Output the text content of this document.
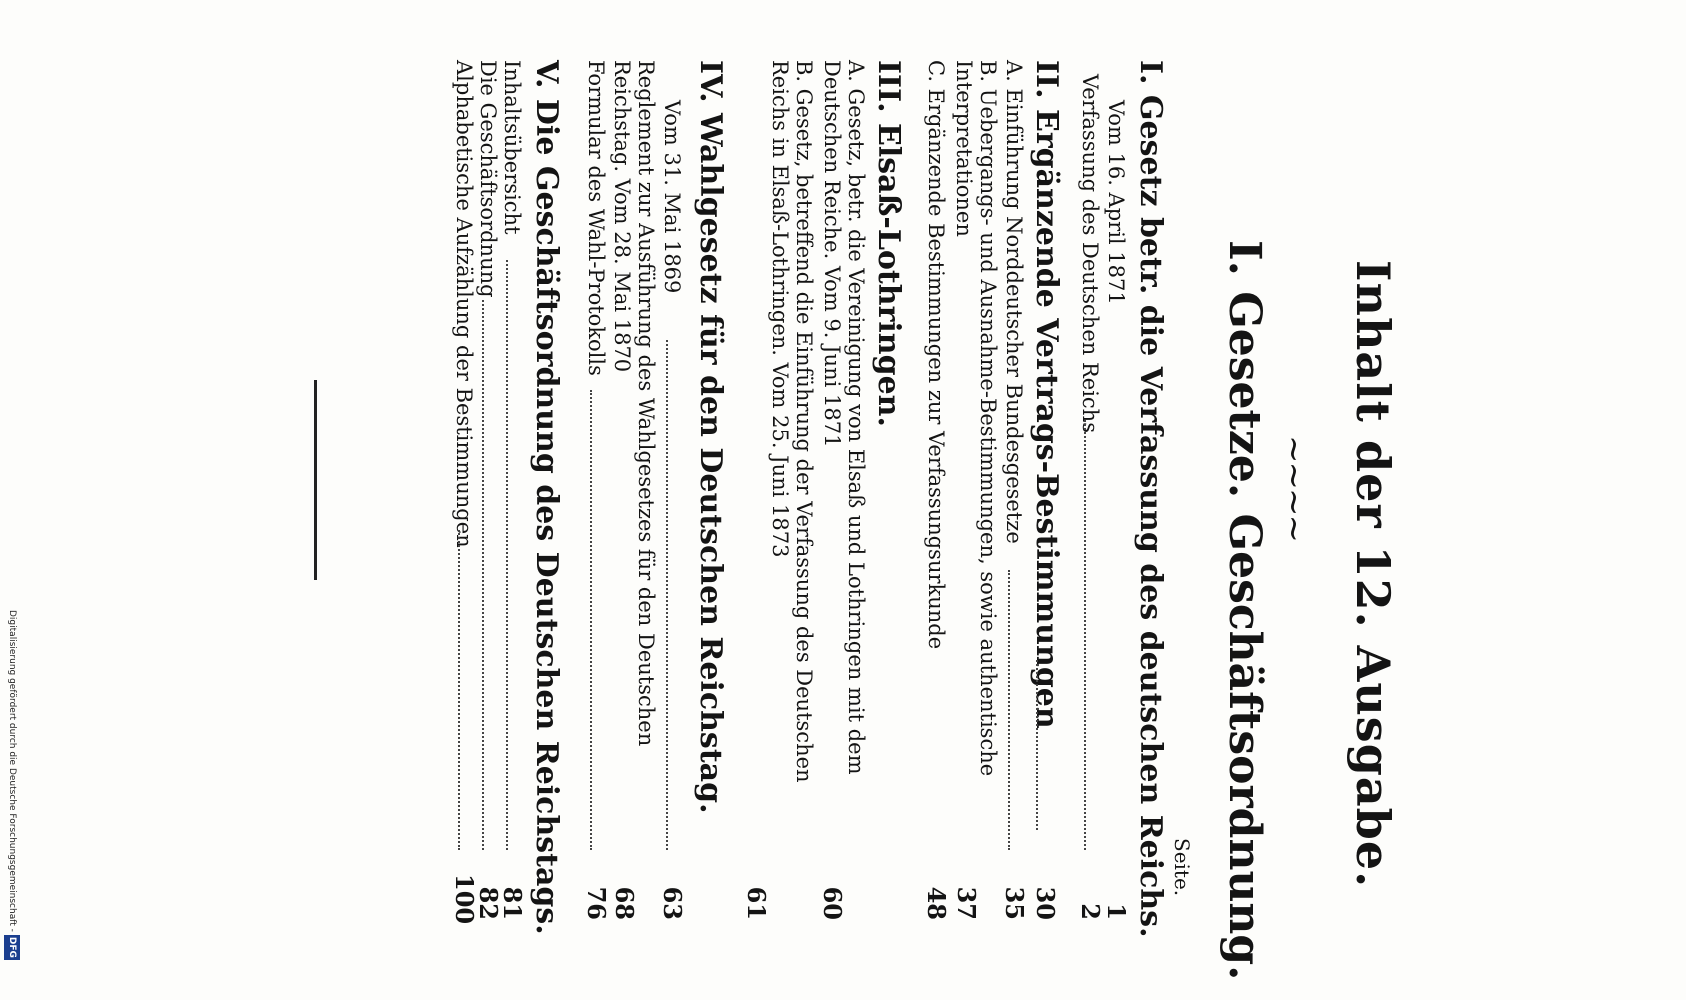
Inhalt der 12. Ausgabe.
~~~~
I. Gesetze. Geschäftsordnung.
Seite.
I. Gesetz betr. die Verfassung des deutschen Reichs.
Vom 16. April 1871
1
Verfassung des Deutschen Reichs
2
II. Ergänzende Vertrags-Bestimmungen
30
A. Einführung Norddeutscher Bundesgesetze
35
B. Uebergangs- und Ausnahme-Bestimmungen, sowie authentische Interpretationen
37
C. Ergänzende Bestimmungen zur Verfassungsurkunde
48
III. Elsaß-Lothringen.
A. Gesetz, betr. die Vereinigung von Elsaß und Lothringen mit dem Deutschen Reiche. Vom 9. Juni 1871
60
B. Gesetz, betreffend die Einführung der Verfassung des Deutschen Reichs in Elsaß-Lothringen. Vom 25. Juni 1873
61
IV. Wahlgesetz für den Deutschen Reichstag.
Vom 31. Mai 1869
63
Reglement zur Ausführung des Wahlgesetzes für den Deutschen Reichstag. Vom 28. Mai 1870
68
Formular des Wahl-Protokolls
76
V. Die Geschäftsordnung des Deutschen Reichstags.
Inhaltsübersicht
81
Die Geschäftsordnung
82
Alphabetische Aufzählung der Bestimmungen
100
Digitalisierung gefördert durch die Deutsche Forschungsgemeinschaft -DFG
